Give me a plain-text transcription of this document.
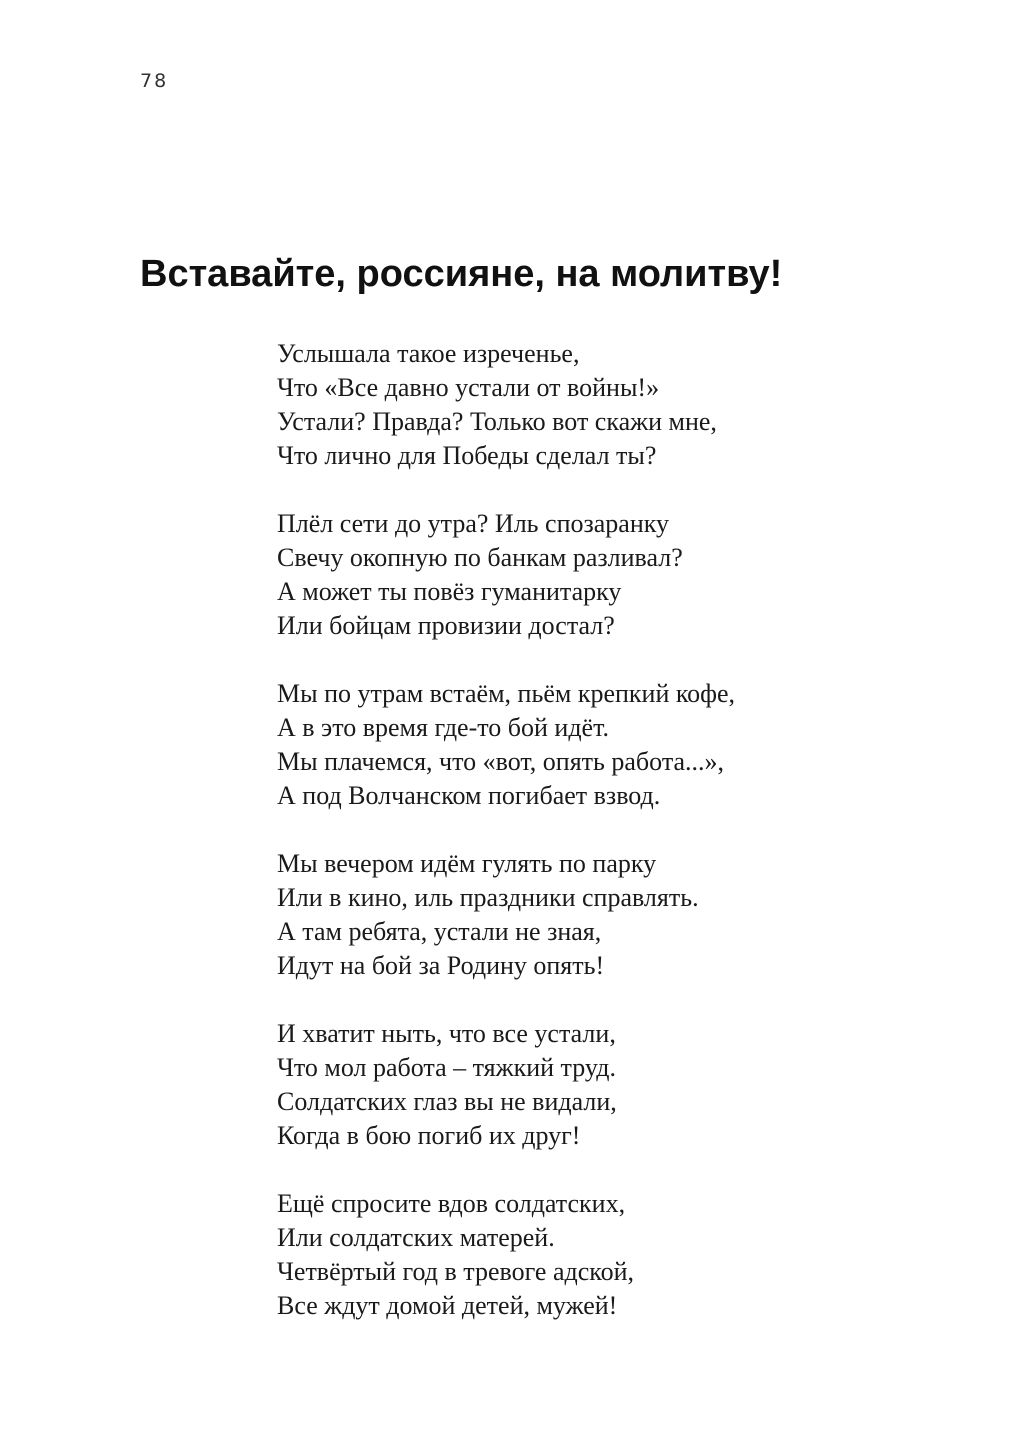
78
Вставайте, россияне, на молитву!
Услышала такое изреченье,
Что «Все давно устали от войны!»
Устали? Правда? Только вот скажи мне,
Что лично для Победы сделал ты?
Плёл сети до утра? Иль спозаранку
Свечу окопную по банкам разливал?
А может ты повёз гуманитарку
Или бойцам провизии достал?
Мы по утрам встаём, пьём крепкий кофе,
А в это время где-то бой идёт.
Мы плачемся, что «вот, опять работа...»,
А под Волчанском погибает взвод.
Мы вечером идём гулять по парку
Или в кино, иль праздники справлять.
А там ребята, устали не зная,
Идут на бой за Родину опять!
И хватит ныть, что все устали,
Что мол работа – тяжкий труд.
Солдатских глаз вы не видали,
Когда в бою погиб их друг!
Ещё спросите вдов солдатских,
Или солдатских матерей.
Четвёртый год в тревоге адской,
Все ждут домой детей, мужей!
